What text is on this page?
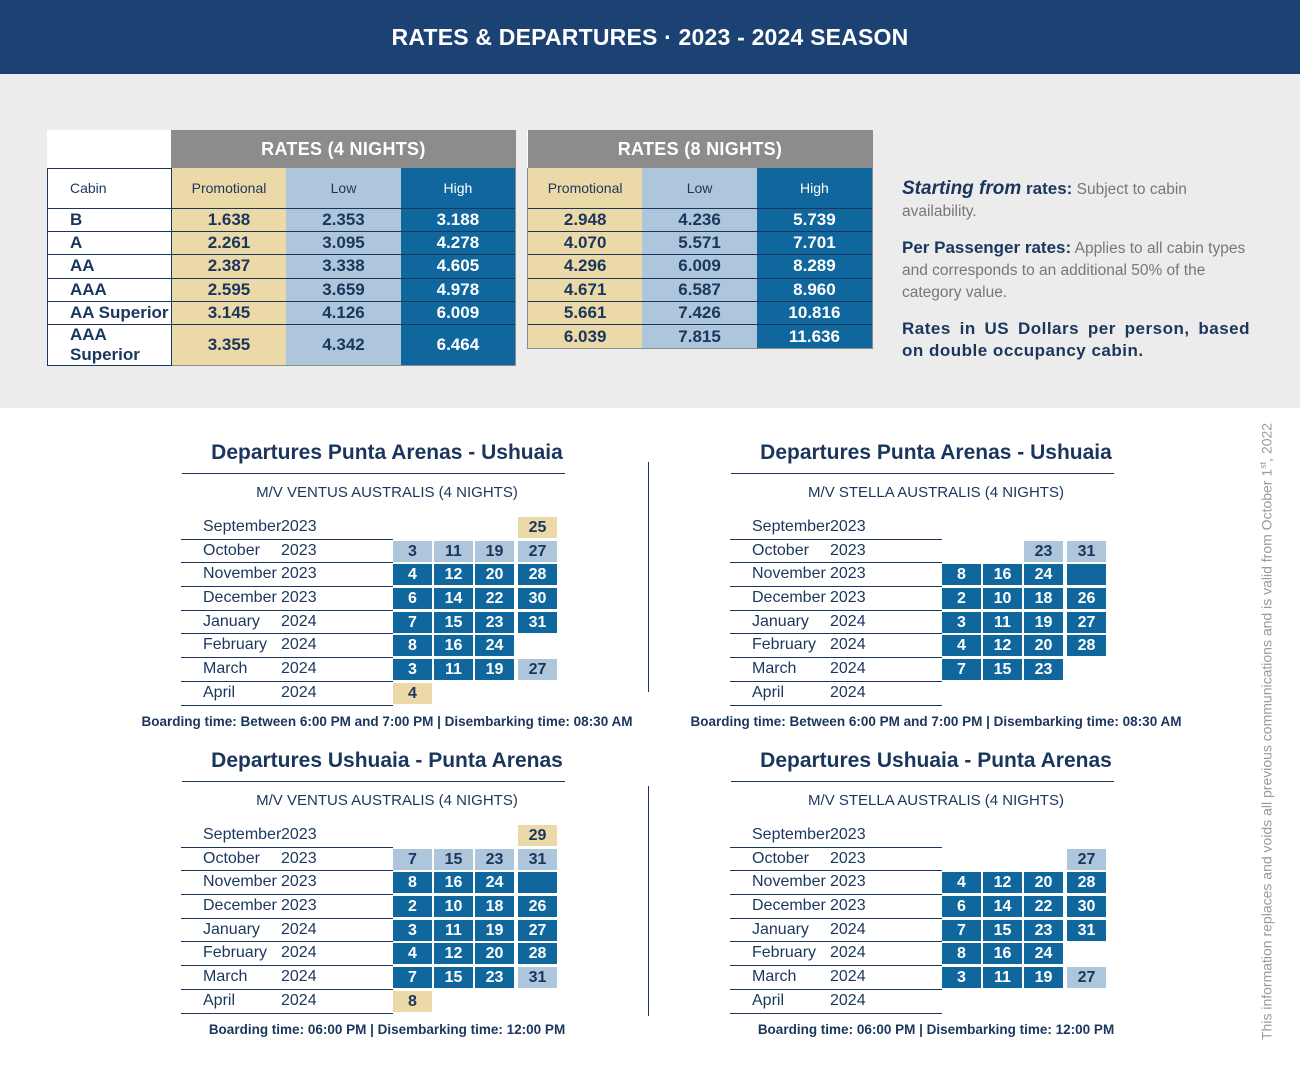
RATES & DEPARTURES · 2023 - 2024 SEASON
	RATES (4 NIGHTS)		
Cabin	Promotional	Low	High
B	1.638	2.353	3.188
A	2.261	3.095	4.278
AA	2.387	3.338	4.605
AAA	2.595	3.659	4.978
AA Superior	3.145	4.126	6.009
AAA Superior	3.355	4.342	6.464
RATES (8 NIGHTS)		
Promotional	Low	High
2.948	4.236	5.739
4.070	5.571	7.701
4.296	6.009	8.289
4.671	6.587	8.960
5.661	7.426	10.816
6.039	7.815	11.636

Starting from rates: Subject to cabin availability.

Per Passenger rates: Applies to all cabin types and corresponds to an additional 50% of the category value.

Rates in US Dollars per person, based on double occupancy cabin.

Departures Punta Arenas - Ushuaia
M/V VENTUS AUSTRALIS (4 NIGHTS)
September 2023	25
October 2023	3	11	19	27
November 2023	4	12	20	28
December 2023	6	14	22	30
January 2024	7	15	23	31
February 2024	8	16	24
March 2024	3	11	19	27
April	2024	4
Boarding time: Between 6:00 PM and 7:00 PM | Disembarking time: 08:30 AM
Departures Punta Arenas - Ushuaia
M/V STELLA AUSTRALIS (4 NIGHTS)
September 2023
October 2023	23	31
November 2023	8	16	24
December 2023	2	10	18	26
January 2024	3	11	19	27
February 2024	4	12	20	28
March 2024	7	15	23
April	2024
Boarding time: Between 6:00 PM and 7:00 PM | Disembarking time: 08:30 AM
Departures Ushuaia - Punta Arenas
M/V VENTUS AUSTRALIS (4 NIGHTS)
September 2023	29
October 2023	7	15	23	31
November 2023	8	16	24
December 2023	2	10	18	26
January 2024	3	11	19	27
February 2024	4	12	20	28
March 2024	7	15	23	31
April	2024	8
Boarding time: 06:00 PM | Disembarking time: 12:00 PM
Departures Ushuaia - Punta Arenas
M/V STELLA AUSTRALIS (4 NIGHTS)
September 2023
October 2023	27
November 2023	4	12	20	28
December 2023	6	14	22	30
January 2024	7	15	23	31
February 2024	8	16	24
March 2024	3	11	19	27
April	2024
Boarding time: 06:00 PM | Disembarking time: 12:00 PM	This information replaces and voids all previous communications and is valid from October 1st, 2022
